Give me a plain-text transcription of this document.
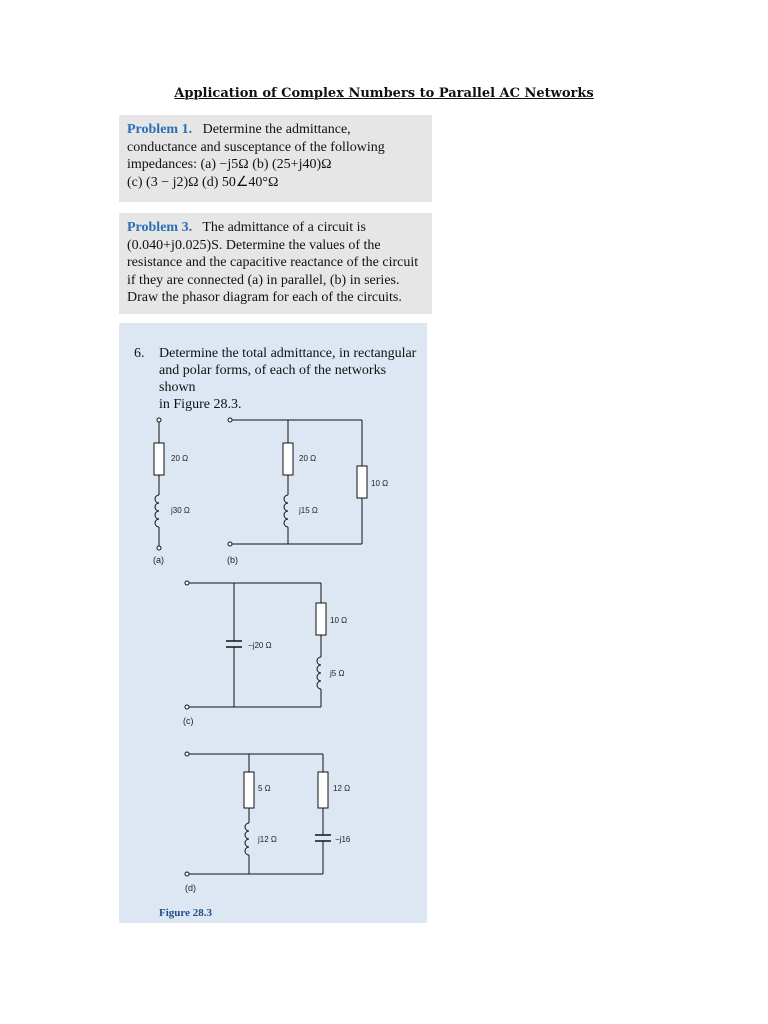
Application of Complex Numbers to Parallel AC Networks

Problem 1. Determine the admittance,

conductance and susceptance of the following

impedances: (a) −j5Ω (b) (25+j40)Ω

(c) (3 − j2)Ω (d) 50∠40°Ω

Problem 3. The admittance of a circuit is

(0.040+j0.025)S. Determine the values of the

resistance and the capacitive reactance of the circuit

if they are connected (a) in parallel, (b) in series.

Draw the phasor diagram for each of the circuits.

6. Determine the total admittance, in rectangular
and polar forms, of each of the networks shown
in Figure 28.3.
20 Ω
j30 Ω
(a)
20 Ω
j15 Ω
10 Ω
(b)
−j20 Ω
10 Ω
j5 Ω
(c)
5 Ω
j12 Ω
12 Ω
−j16
(d)
Figure 28.3
